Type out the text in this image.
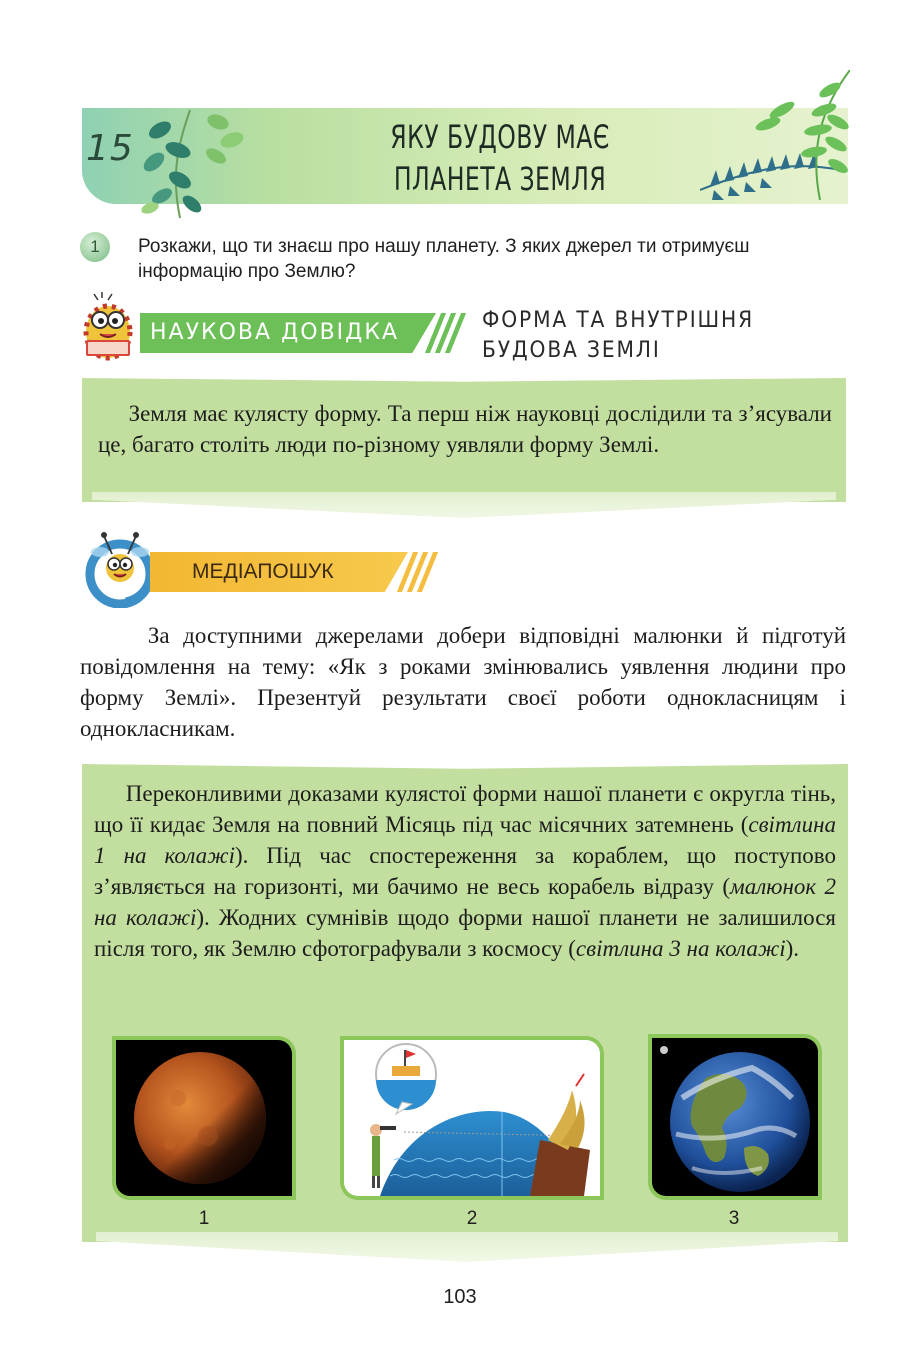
15	ЯКУ БУДОВУ МАЄ
ПЛАНЕТА ЗЕМЛЯ
1	Розкажи, що ти знаєш про нашу планету. З яких джерел ти отримуєш інформацію про Землю?
НАУКОВА ДОВІДКА	ФОРМА ТА ВНУТРІШНЯ
БУДОВА ЗЕМЛІ
Земля має кулясту форму. Та перш ніж науковці дослідили та з’ясували це, багато століть люди по-різному уявляли форму Землі.
МЕДІАПОШУК
За доступними джерелами добери відповідні малюнки й підготуй повідомлення на тему: «Як з роками змінювались уявлення людини про форму Землі». Презентуй результати своєї роботи однокласницям і однокласникам.
Переконливими доказами кулястої форми нашої планети є округла тінь, що її кидає Земля на повний Місяць під час місячних затемнень (світлина 1 на колажі). Під час спостереження за кораблем, що поступово з’являється на горизонті, ми бачимо не весь корабель відразу (малюнок 2 на колажі). Жодних сумнівів щодо форми нашої планети не залишилося після того, як Землю сфотографували з космосу (світлина 3 на колажі).
1	2	3
103
